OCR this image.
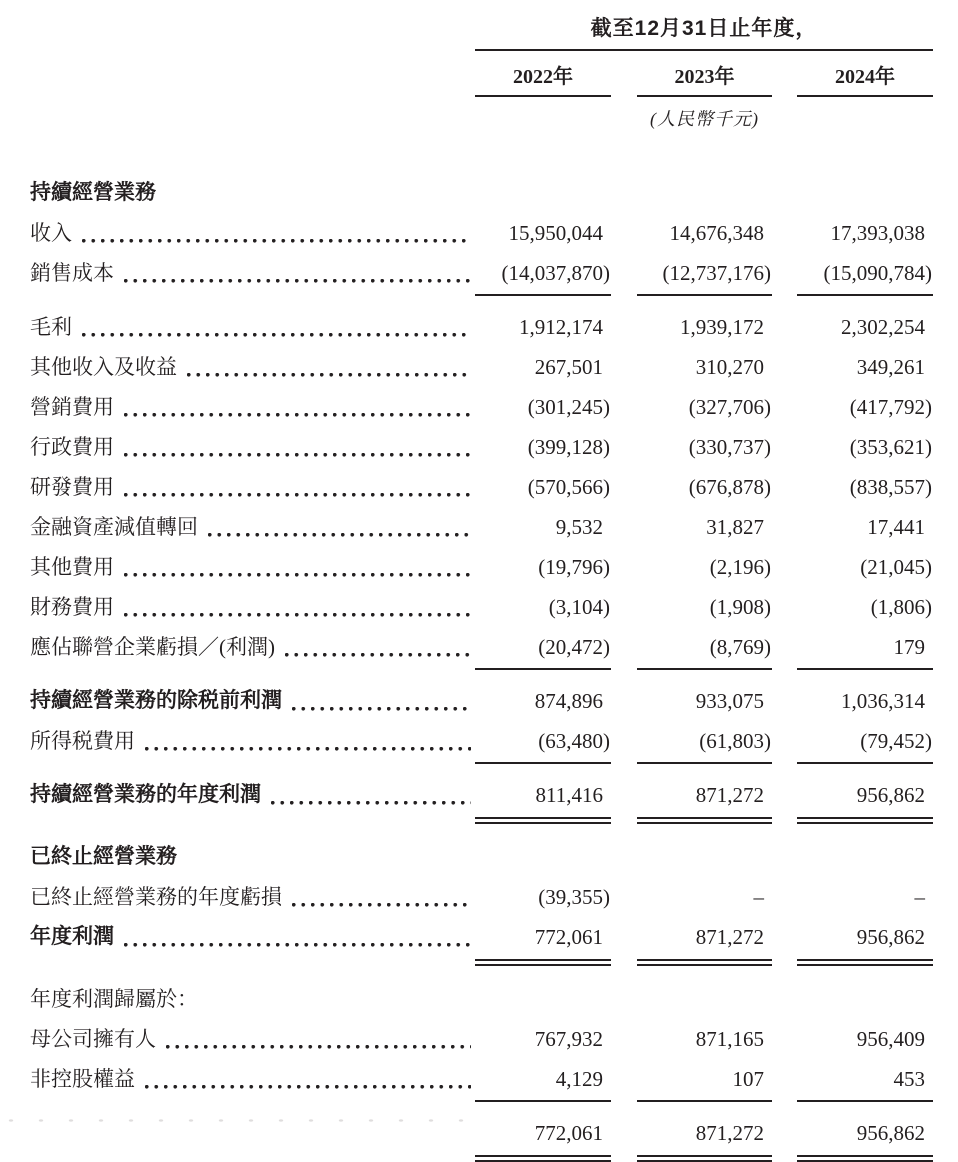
截至12月31日止年度，
2022年	2023年	2024年
(人民幣千元)
持續經營業務
收入	15,950,044	14,676,348	17,393,038
銷售成本	(14,037,870)	(12,737,176)	(15,090,784)
毛利	1,912,174	1,939,172	2,302,254
其他收入及收益	267,501	310,270	349,261
營銷費用	(301,245)	(327,706)	(417,792)
行政費用	(399,128)	(330,737)	(353,621)
研發費用	(570,566)	(676,878)	(838,557)
金融資產減值轉回	9,532	31,827	17,441
其他費用	(19,796)	(2,196)	(21,045)
財務費用	(3,104)	(1,908)	(1,806)
應佔聯營企業虧損／(利潤)	(20,472)	(8,769)	179
持續經營業務的除税前利潤	874,896	933,075	1,036,314
所得税費用	(63,480)	(61,803)	(79,452)
持續經營業務的年度利潤	811,416	871,272	956,862
已終止經營業務
已終止經營業務的年度虧損	(39,355)	–	–
年度利潤	772,061	871,272	956,862
年度利潤歸屬於：
母公司擁有人	767,932	871,165	956,409
非控股權益	4,129	107	453
772,061	871,272	956,862
